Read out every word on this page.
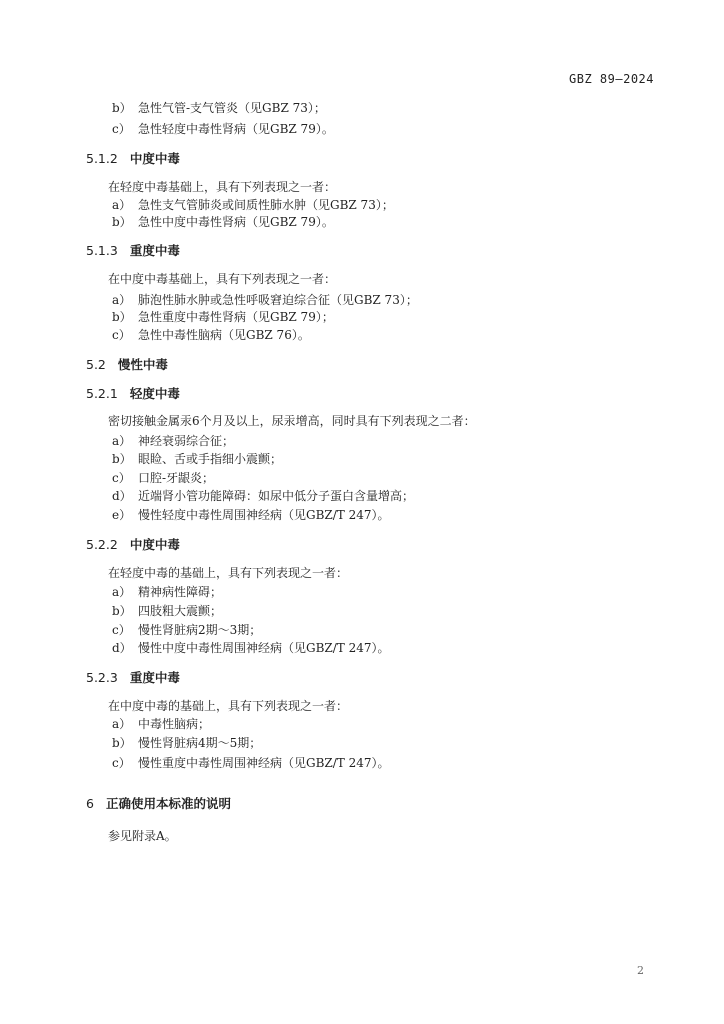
GBZ 89—2024
b） 急性气管-支气管炎（见GBZ 73）；
c） 急性轻度中毒性肾病（见GBZ 79）。
5.1.2 中度中毒
在轻度中毒基础上，具有下列表现之一者：
a） 急性支气管肺炎或间质性肺水肿（见GBZ 73）；
b） 急性中度中毒性肾病（见GBZ 79）。
5.1.3 重度中毒
在中度中毒基础上，具有下列表现之一者：
a） 肺泡性肺水肿或急性呼吸窘迫综合征（见GBZ 73）；
b） 急性重度中毒性肾病（见GBZ 79）；
c） 急性中毒性脑病（见GBZ 76）。
5.2 慢性中毒
5.2.1 轻度中毒
密切接触金属汞6个月及以上，尿汞增高，同时具有下列表现之二者：
a） 神经衰弱综合征；
b） 眼睑、舌或手指细小震颤；
c） 口腔-牙龈炎；
d） 近端肾小管功能障碍：如尿中低分子蛋白含量增高；
e） 慢性轻度中毒性周围神经病（见GBZ/T 247）。
5.2.2 中度中毒
在轻度中毒的基础上，具有下列表现之一者：
a） 精神病性障碍；
b） 四肢粗大震颤；
c） 慢性肾脏病2期～3期；
d） 慢性中度中毒性周围神经病（见GBZ/T 247）。
5.2.3 重度中毒
在中度中毒的基础上，具有下列表现之一者：
a） 中毒性脑病；
b） 慢性肾脏病4期～5期；
c） 慢性重度中毒性周围神经病（见GBZ/T 247）。
6 正确使用本标准的说明
参见附录A。
2
